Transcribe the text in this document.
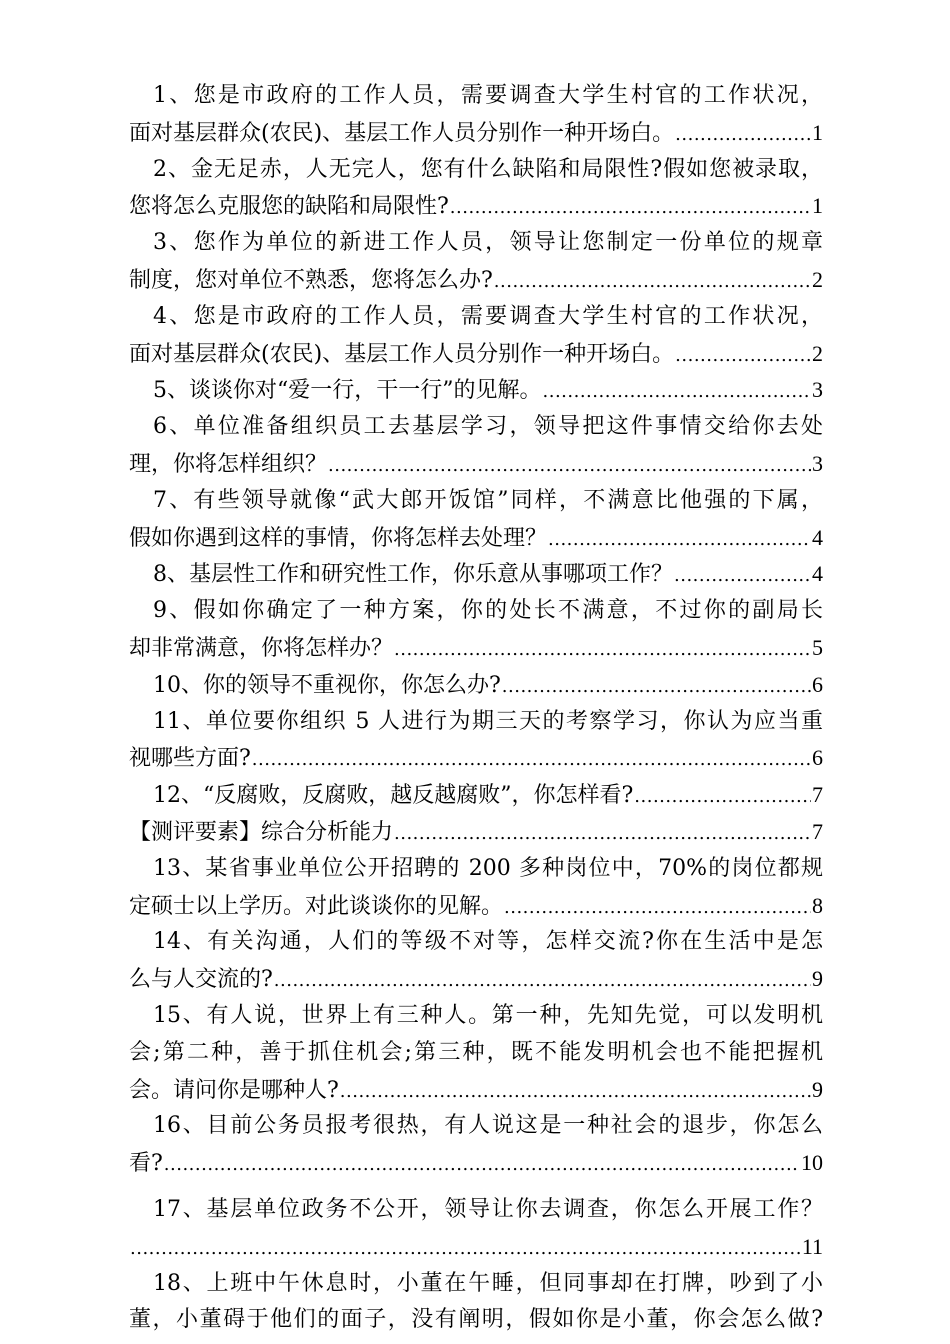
1、您是市政府的工作人员，需要调查大学生村官的工作状况，
面对基层群众(农民)、基层工作人员分别作一种开场白。 .....	1
2、金无足赤，人无完人，您有什么缺陷和局限性?假如您被录取，
您将怎么克服您的缺陷和局限性? .....	1
3、您作为单位的新进工作人员，领导让您制定一份单位的规章
制度，您对单位不熟悉，您将怎么办? .....	2
4、您是市政府的工作人员，需要调查大学生村官的工作状况，
面对基层群众(农民)、基层工作人员分别作一种开场白。 .....	2
5、谈谈你对“爱一行，干一行”的见解。 .....	3
6、单位准备组织员工去基层学习，领导把这件事情交给你去处
理，你将怎样组织？ .....	3
7、有些领导就像“武大郎开饭馆”同样，不满意比他强的下属，
假如你遇到这样的事情，你将怎样去处理？ .....	4
8、基层性工作和研究性工作，你乐意从事哪项工作？ .....	4
9、假如你确定了一种方案，你的处长不满意，不过你的副局长
却非常满意，你将怎样办？ .....	5
10、你的领导不重视你，你怎么办? .....	6
11、单位要你组织 5 人进行为期三天的考察学习，你认为应当重
视哪些方面? .....	6
12、“反腐败，反腐败，越反越腐败”，你怎样看? .....	7
【测评要素】综合分析能力 .....	7
13、某省事业单位公开招聘的 200 多种岗位中，70%的岗位都规
定硕士以上学历。对此谈谈你的见解。 .....	8
14、有关沟通，人们的等级不对等，怎样交流?你在生活中是怎
么与人交流的? .....	9
15、有人说，世界上有三种人。第一种，先知先觉，可以发明机
会;第二种，善于抓住机会;第三种，既不能发明机会也不能把握机
会。请问你是哪种人? .....	9
16、目前公务员报考很热，有人说这是一种社会的退步，你怎么
看? .....	10
17、基层单位政务不公开，领导让你去调查，你怎么开展工作？
.....
11
18、上班中午休息时，小董在午睡，但同事却在打牌，吵到了小
董，小董碍于他们的面子，没有阐明，假如你是小董，你会怎么做?
